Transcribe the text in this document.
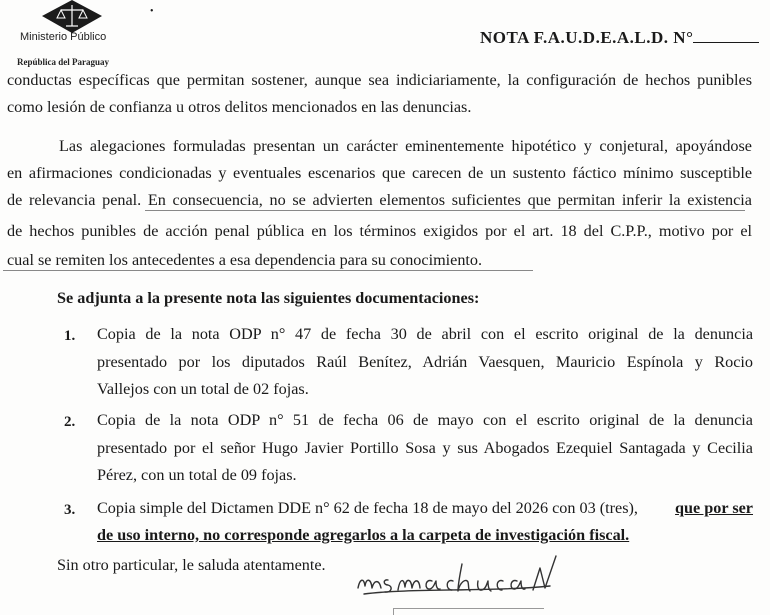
Ministerio Público
República del Paraguay
•
NOTA F.A.U.D.E.A.L.D. N°
conductas específicas que permitan sostener, aunque sea indiciariamente, la configuración de hechos punibles
como lesión de confianza u otros delitos mencionados en las denuncias.
Las alegaciones formuladas presentan un carácter eminentemente hipotético y conjetural, apoyándose
en afirmaciones condicionadas y eventuales escenarios que carecen de un sustento fáctico mínimo susceptible
de relevancia penal. En consecuencia, no se advierten elementos suficientes que permitan inferir la existencia
de hechos punibles de acción penal pública en los términos exigidos por el art. 18 del C.P.P., motivo por el
cual se remiten los antecedentes a esa dependencia para su conocimiento.
Se adjunta a la presente nota las siguientes documentaciones:
1. Copia de la nota ODP n° 47 de fecha 30 de abril con el escrito original de la denuncia
presentado por los diputados Raúl Benítez, Adrián Vaesquen, Mauricio Espínola y Rocio
Vallejos con un total de 02 fojas.
2. Copia de la nota ODP n° 51 de fecha 06 de mayo con el escrito original de la denuncia
presentado por el señor Hugo Javier Portillo Sosa y sus Abogados Ezequiel Santagada y Cecilia
Pérez, con un total de 09 fojas.
3. Copia simple del Dictamen DDE n° 62 de fecha 18 de mayo del 2026 con 03 (tres), que por ser
de uso interno, no corresponde agregarlos a la carpeta de investigación fiscal.
Sin otro particular, le saluda atentamente.
